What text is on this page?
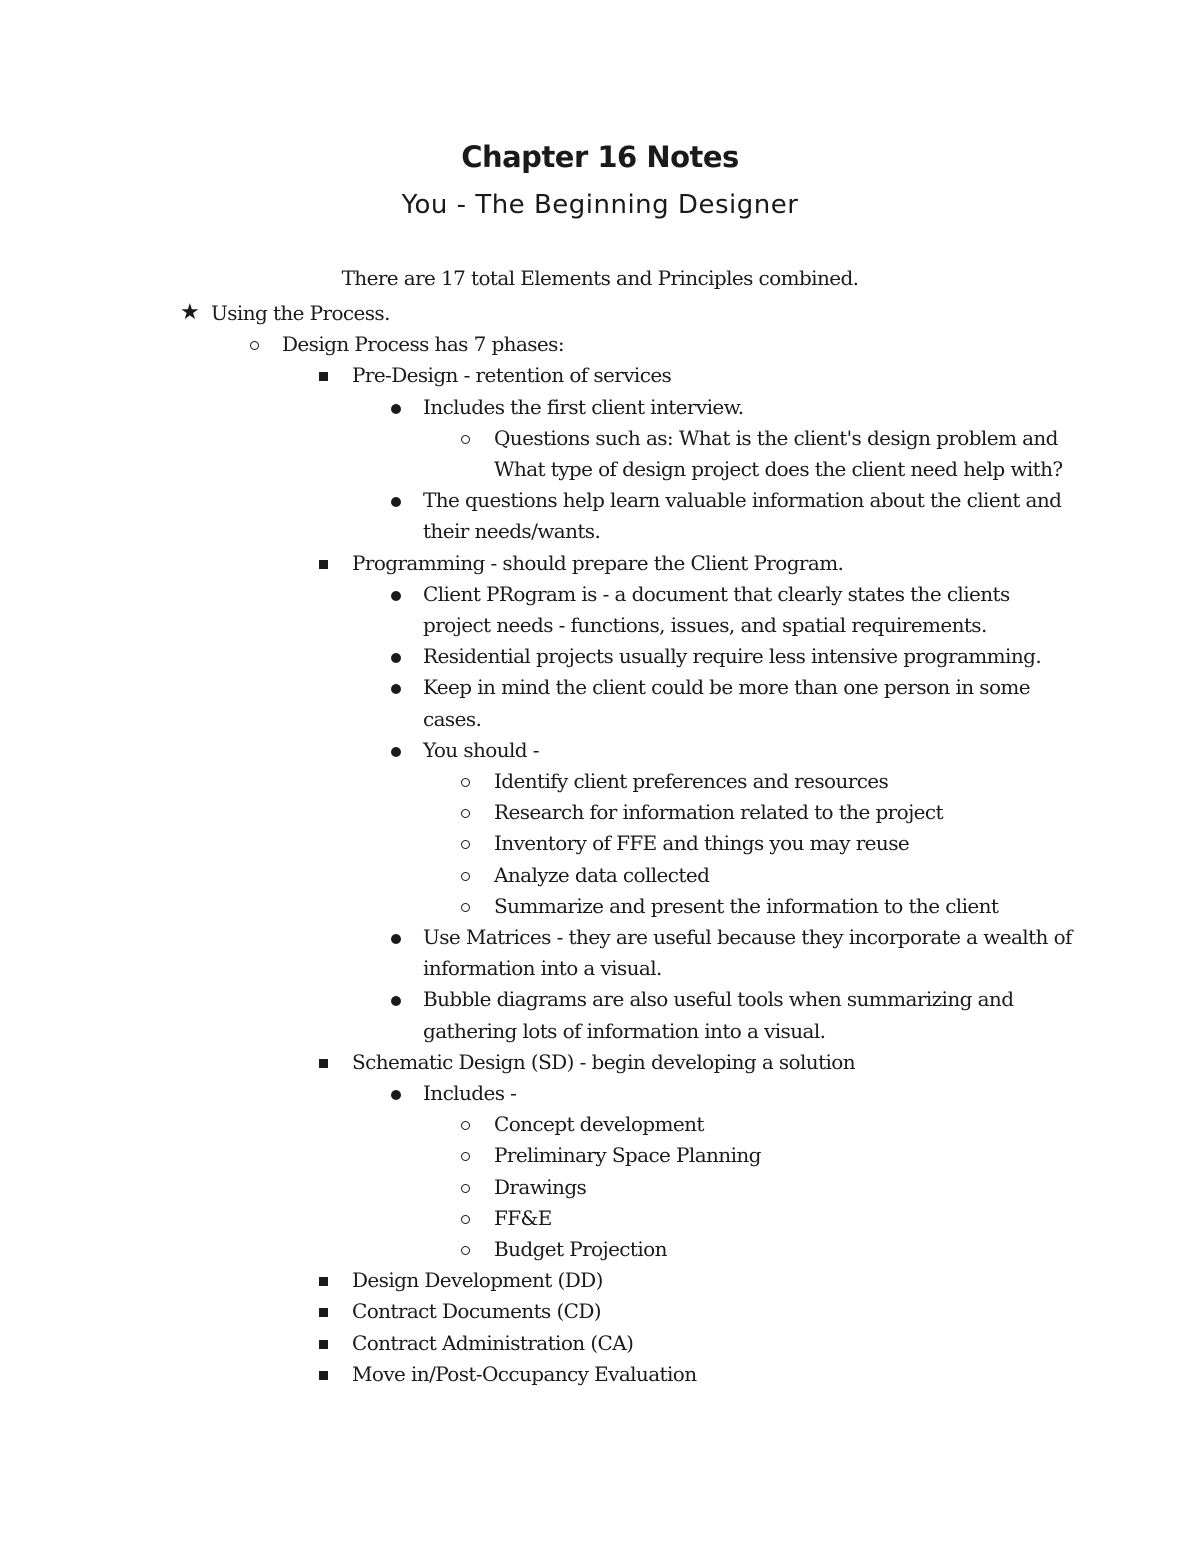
Chapter 16 Notes
You - The Beginning Designer
There are 17 total Elements and Principles combined.
★ Using the Process.
Design Process has 7 phases:
Pre-Design - retention of services
Includes the first client interview.
Questions such as: What is the client's design problem and
What type of design project does the client need help with?
The questions help learn valuable information about the client and
their needs/wants.
Programming - should prepare the Client Program.
Client PRogram is - a document that clearly states the clients
project needs - functions, issues, and spatial requirements.
Residential projects usually require less intensive programming.
Keep in mind the client could be more than one person in some
cases.
You should -
Identify client preferences and resources
Research for information related to the project
Inventory of FFE and things you may reuse
Analyze data collected
Summarize and present the information to the client
Use Matrices - they are useful because they incorporate a wealth of
information into a visual.
Bubble diagrams are also useful tools when summarizing and
gathering lots of information into a visual.
Schematic Design (SD) - begin developing a solution
Includes -
Concept development
Preliminary Space Planning
Drawings
FF&E
Budget Projection
Design Development (DD)
Contract Documents (CD)
Contract Administration (CA)
Move in/Post-Occupancy Evaluation
